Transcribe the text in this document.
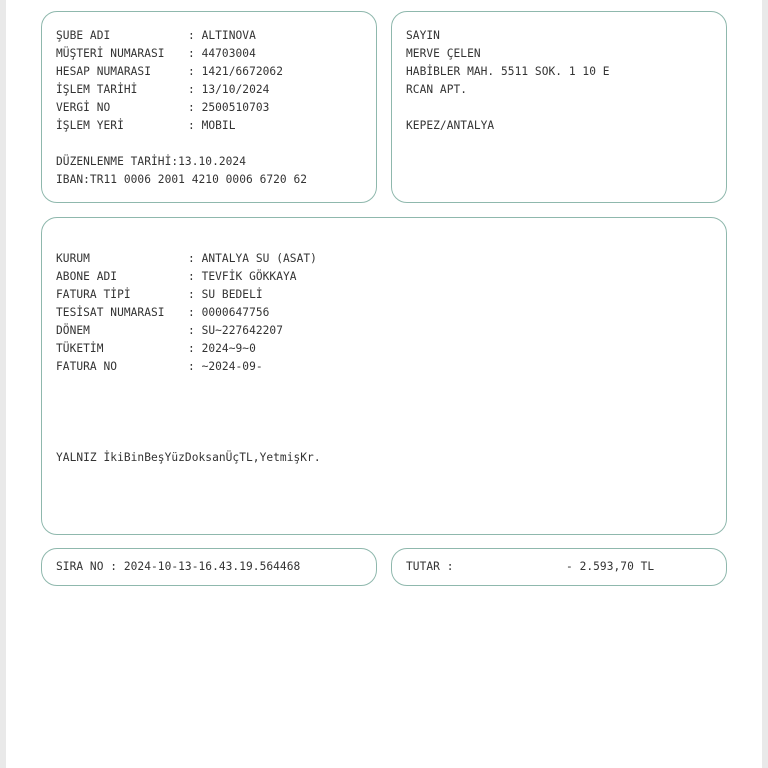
ŞUBE ADI	: ALTINOVA
MÜŞTERİ NUMARASI : 44703004
HESAP NUMARASI	: 1421/6672062
İŞLEM TARİHİ	: 13/10/2024
VERGİ NO	: 2500510703
İŞLEM YERİ	: MOBIL
DÜZENLENME TARİHİ:13.10.2024
IBAN:TR11 0006 2001 4210 0006 6720 62
SAYIN
MERVE ÇELEN
HABİBLER MAH. 5511 SOK. 1 10 E
RCAN APT.
KEPEZ/ANTALYA
KURUM	: ANTALYA SU (ASAT)
ABONE ADI	: TEVFİK GÖKKAYA
FATURA TİPİ	: SU BEDELİ
TESİSAT NUMARASI : 0000647756
DÖNEM	: SU~227642207
TÜKETİM	: 2024~9~0
FATURA NO	: ~2024-09-
YALNIZ İkiBinBeşYüzDoksanÜçTL,YetmişKr.
SIRA NO : 2024-10-13-16.43.19.564468	TUTAR :	- 2.593,70 TL
